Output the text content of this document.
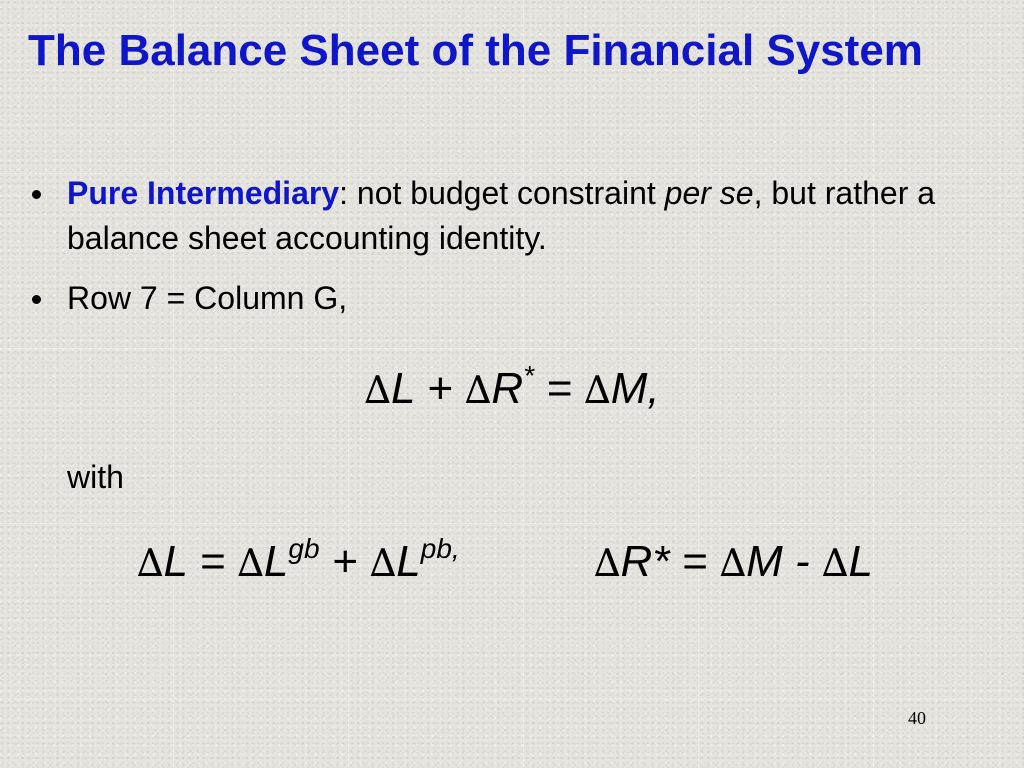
The Balance Sheet of the Financial System
Pure Intermediary: not budget constraint per se, but rather a balance sheet accounting identity.
Row 7 = Column G,
∆L + ∆R* = ∆M,
with
$\Delta L = \Delta L^{gb} + \Delta L^{pb,}$	∆R* = ∆M - ∆L
40
